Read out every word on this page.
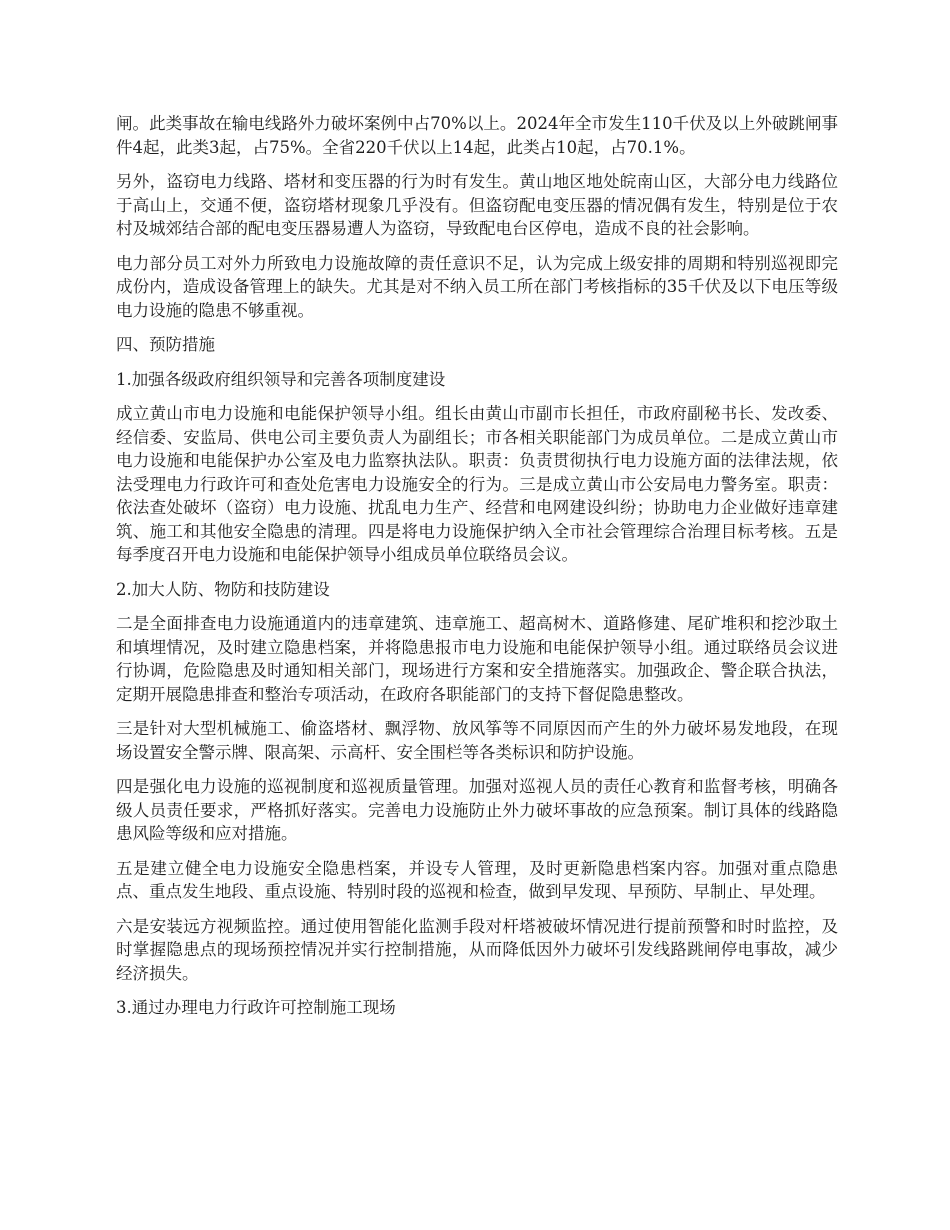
闸。此类事故在输电线路外力破坏案例中占70%以上。2024年全市发生110千伏及以上外破跳闸事件4起，此类3起，占75%。全省220千伏以上14起，此类占10起，占70.1%。

另外，盗窃电力线路、塔材和变压器的行为时有发生。黄山地区地处皖南山区，大部分电力线路位于高山上，交通不便，盗窃塔材现象几乎没有。但盗窃配电变压器的情况偶有发生，特别是位于农村及城郊结合部的配电变压器易遭人为盗窃，导致配电台区停电，造成不良的社会影响。

电力部分员工对外力所致电力设施故障的责任意识不足，认为完成上级安排的周期和特别巡视即完成份内，造成设备管理上的缺失。尤其是对不纳入员工所在部门考核指标的35千伏及以下电压等级电力设施的隐患不够重视。

四、预防措施

1.加强各级政府组织领导和完善各项制度建设

成立黄山市电力设施和电能保护领导小组。组长由黄山市副市长担任，市政府副秘书长、发改委、经信委、安监局、供电公司主要负责人为副组长；市各相关职能部门为成员单位。二是成立黄山市电力设施和电能保护办公室及电力监察执法队。职责：负责贯彻执行电力设施方面的法律法规，依法受理电力行政许可和查处危害电力设施安全的行为。三是成立黄山市公安局电力警务室。职责：依法查处破坏（盗窃）电力设施、扰乱电力生产、经营和电网建设纠纷；协助电力企业做好违章建筑、施工和其他安全隐患的清理。四是将电力设施保护纳入全市社会管理综合治理目标考核。五是每季度召开电力设施和电能保护领导小组成员单位联络员会议。

2.加大人防、物防和技防建设

二是全面排查电力设施通道内的违章建筑、违章施工、超高树木、道路修建、尾矿堆积和挖沙取土和填埋情况，及时建立隐患档案，并将隐患报市电力设施和电能保护领导小组。通过联络员会议进行协调，危险隐患及时通知相关部门，现场进行方案和安全措施落实。加强政企、警企联合执法，定期开展隐患排查和整治专项活动，在政府各职能部门的支持下督促隐患整改。

三是针对大型机械施工、偷盗塔材、飘浮物、放风筝等不同原因而产生的外力破坏易发地段，在现场设置安全警示牌、限高架、示高杆、安全围栏等各类标识和防护设施。

四是强化电力设施的巡视制度和巡视质量管理。加强对巡视人员的责任心教育和监督考核，明确各级人员责任要求，严格抓好落实。完善电力设施防止外力破坏事故的应急预案。制订具体的线路隐患风险等级和应对措施。

五是建立健全电力设施安全隐患档案，并设专人管理，及时更新隐患档案内容。加强对重点隐患点、重点发生地段、重点设施、特别时段的巡视和检查，做到早发现、早预防、早制止、早处理。

六是安装远方视频监控。通过使用智能化监测手段对杆塔被破坏情况进行提前预警和时时监控，及时掌握隐患点的现场预控情况并实行控制措施，从而降低因外力破坏引发线路跳闸停电事故，减少经济损失。

3.通过办理电力行政许可控制施工现场
